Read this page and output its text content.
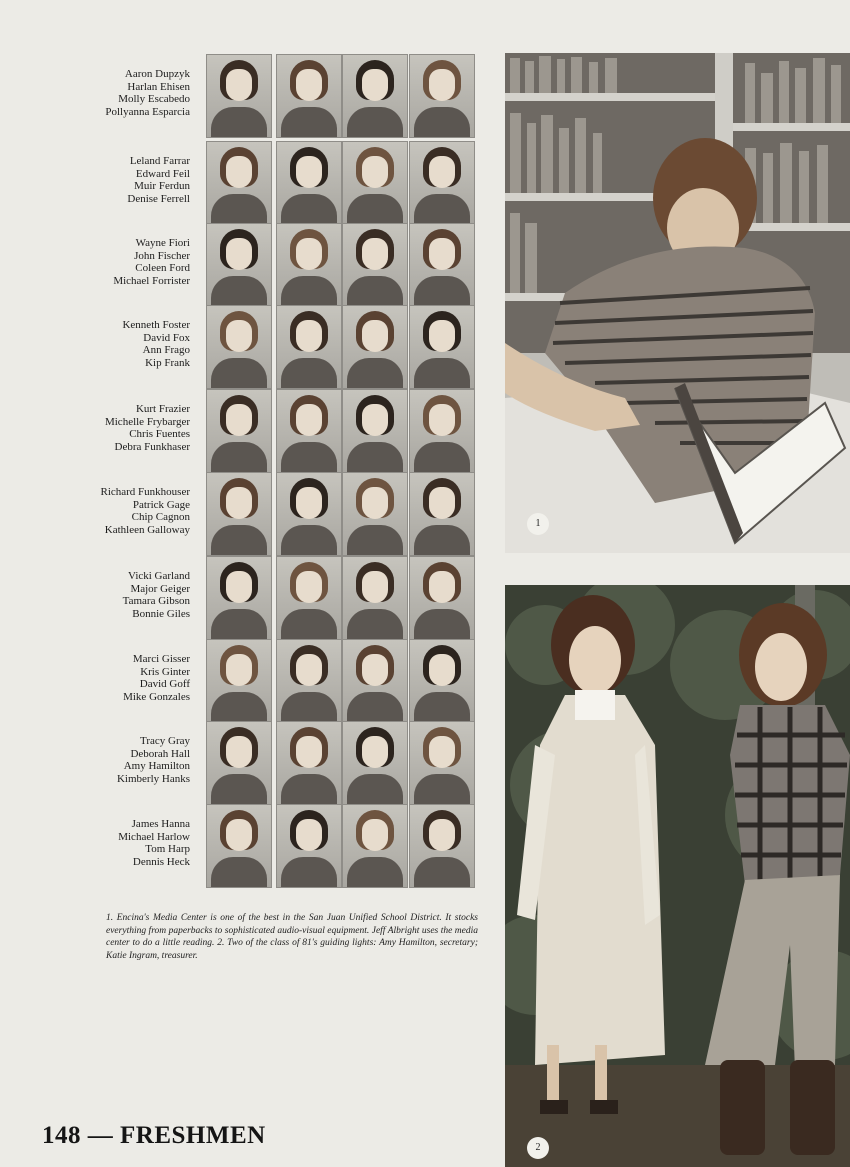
Aaron Dupzyk
Harlan Ehisen
Molly Escabedo
Pollyanna Esparcia
Leland Farrar
Edward Feil
Muir Ferdun
Denise Ferrell
Wayne Fiori
John Fischer
Coleen Ford
Michael Forrister
Kenneth Foster
David Fox
Ann Frago
Kip Frank
Kurt Frazier
Michelle Frybarger
Chris Fuentes
Debra Funkhaser
Richard Funkhouser
Patrick Gage
Chip Cagnon
Kathleen Galloway
Vicki Garland
Major Geiger
Tamara Gibson
Bonnie Giles
Marci Gisser
Kris Ginter
David Goff
Mike Gonzales
Tracy Gray
Deborah Hall
Amy Hamilton
Kimberly Hanks
James Hanna
Michael Harlow
Tom Harp
Dennis Heck
1. Encina's Media Center is one of the best in the San Juan Unified School District. It stocks everything from paperbacks to sophisticated audio-visual equipment. Jeff Albright uses the media center to do a little reading. 2. Two of the class of 81's guiding lights: Amy Hamilton, secretary; Katie Ingram, treasurer.
148 — FRESHMEN
1
2
